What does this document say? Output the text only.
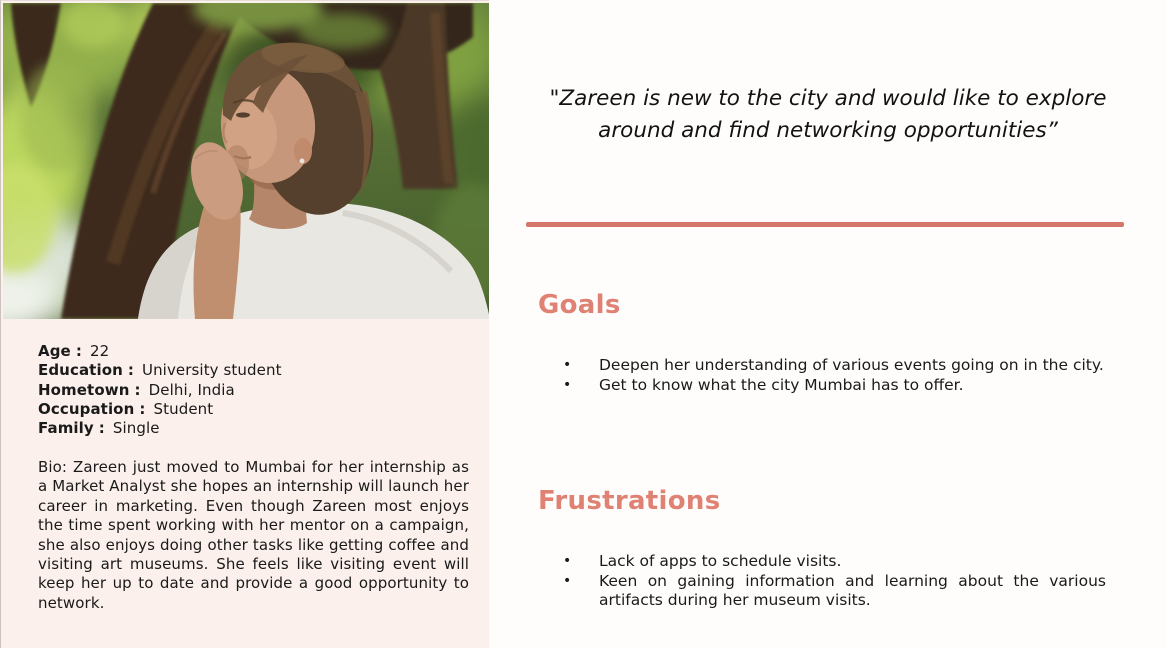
Age : 22
Education : University student
Hometown : Delhi, India
Occupation : Student
Family : Single

Bio: Zareen just moved to Mumbai for her internship as a Market Analyst she hopes an internship will launch her career in marketing. Even though Zareen most enjoys the time spent working with her mentor on a campaign, she also enjoys doing other tasks like getting coffee and visiting art museums. She feels like visiting event will keep her up to date and provide a good opportunity to network.

"Zareen is new to the city and would like to explore around and find networking opportunities”
Goals
•	Deepen her understanding of various events going on in the city.
•	Get to know what the city Mumbai has to offer.
Frustrations
•	Lack of apps to schedule visits.
•	Keen on gaining information and learning about the various artifacts during her museum visits.
